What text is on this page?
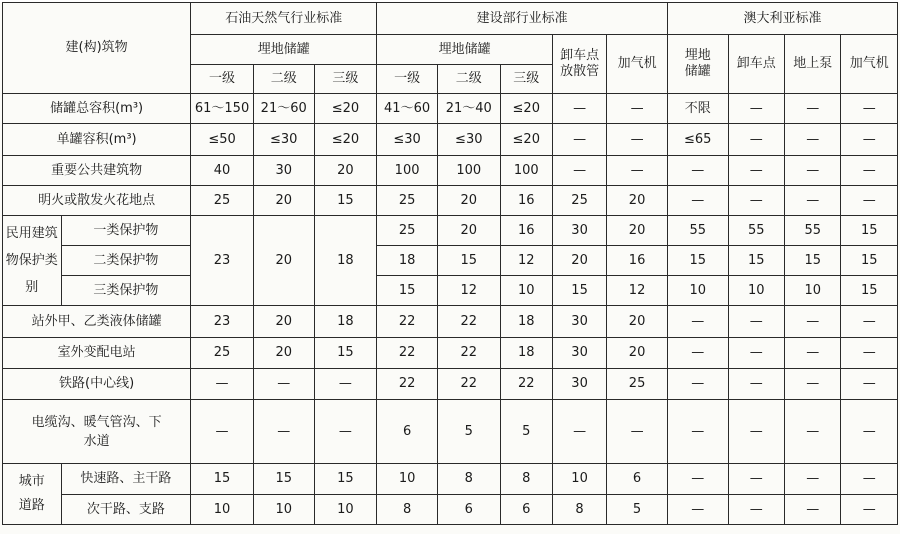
建(构)筑物		石油天然气行业标准			建设部行业标准					澳大利亚标准			
		埋地储罐			埋地储罐			卸车点放散管	加气机	埋地储罐	卸车点	地上泵	加气机
		一级	二级	三级	一级	二级	三级						
储罐总容积(m³)		61～150	21～60	≤20	41～60	21～40	≤20	—	—	不限	—	—	—
单罐容积(m³)		≤50	≤30	≤20	≤30	≤30	≤20	—	—	≤65	—	—	—
重要公共建筑物		40	30	20	100	100	100	—	—	—	—	—	—
明火或散发火花地点		25	20	15	25	20	16	25	20	—	—	—	—
民用建筑物保护类别	一类保护物	23	20	18	25	20	16	30	20	55	55	55	15
	二类保护物				18	15	12	20	16	15	15	15	15
	三类保护物				15	12	10	15	12	10	10	10	15
站外甲、乙类液体储罐		23	20	18	22	22	18	30	20	—	—	—	—
室外变配电站		25	20	15	22	22	18	30	20	—	—	—	—
铁路(中心线)		—	—	—	22	22	22	30	25	—	—	—	—
电缆沟、暖气管沟、下水道		—	—	—	6	5	5	—	—	—	—	—	—
城市道路	快速路、主干路	15	15	15	10	8	8	10	6	—	—	—	—
	次干路、支路	10	10	10	8	6	6	8	5	—	—	—	—
